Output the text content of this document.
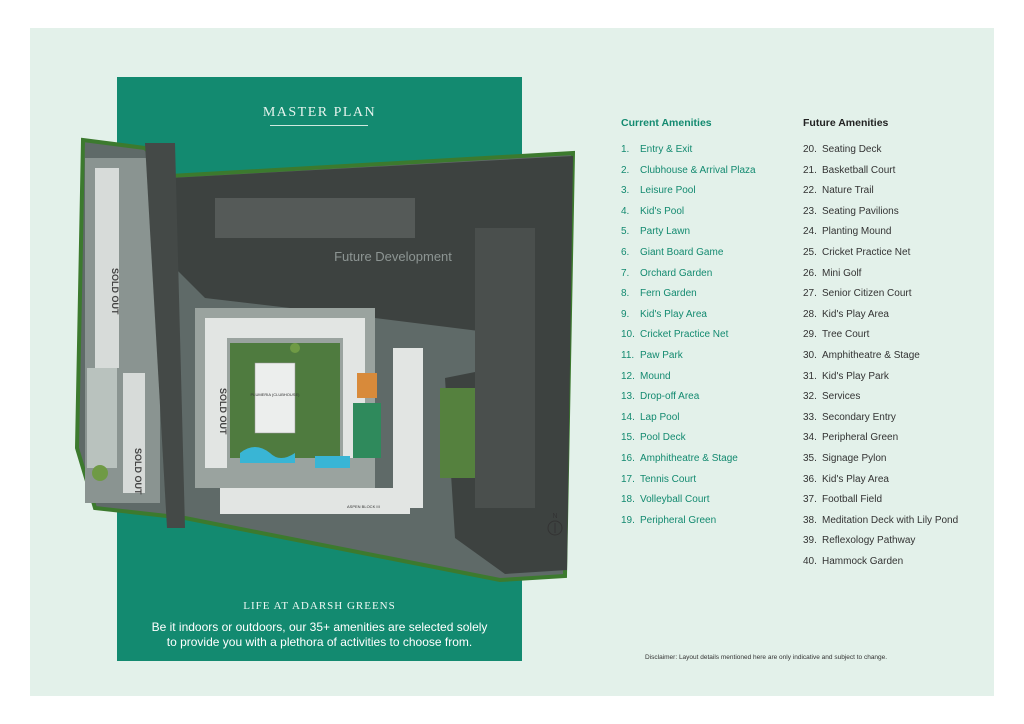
MASTER PLAN
LIFE AT ADARSH GREENS
Be it indoors or outdoors, our 35+ amenities are selected solely
to provide you with a plethora of activities to choose from.
PLUMERIA (CLUBHOUSE)
ASPEN BLOCK III
SOLD OUT
SOLD OUT
SOLD OUT
Future Development
N
Current Amenities
1. Entry & Exit
2. Clubhouse & Arrival Plaza
3. Leisure Pool
4. Kid's Pool
5. Party Lawn
6. Giant Board Game
7. Orchard Garden
8. Fern Garden
9. Kid's Play Area
10. Cricket Practice Net
11. Paw Park
12. Mound
13. Drop-off Area
14. Lap Pool
15. Pool Deck
16. Amphitheatre & Stage
17. Tennis Court
18. Volleyball Court
19. Peripheral Green
Future Amenities
20. Seating Deck
21. Basketball Court
22. Nature Trail
23. Seating Pavilions
24. Planting Mound
25. Cricket Practice Net
26. Mini Golf
27. Senior Citizen Court
28. Kid's Play Area
29. Tree Court
30. Amphitheatre & Stage
31. Kid's Play Park
32. Services
33. Secondary Entry
34. Peripheral Green
35. Signage Pylon
36. Kid's Play Area
37. Football Field
38. Meditation Deck with Lily Pond
39. Reflexology Pathway
40. Hammock Garden
Disclaimer: Layout details mentioned here are only indicative and subject to change.
